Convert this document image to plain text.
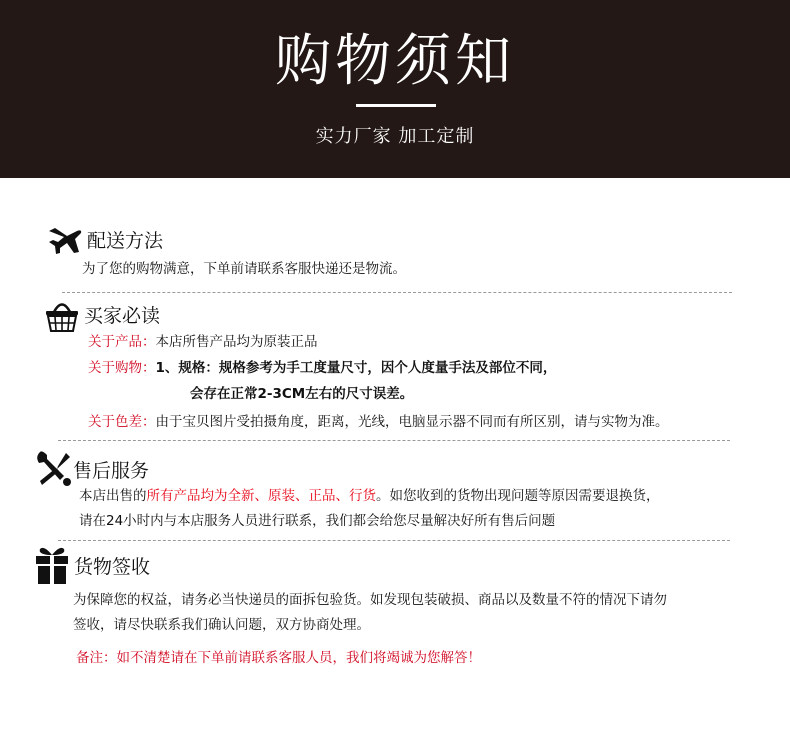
购物须知
实力厂家 加工定制
配送方法
为了您的购物满意，下单前请联系客服快递还是物流。
买家必读
关于产品：本店所售产品均为原装正品
关于购物：1、规格：规格参考为手工度量尺寸，因个人度量手法及部位不同，
会存在正常2-3CM左右的尺寸误差。
关于色差：由于宝贝图片受拍摄角度，距离，光线，电脑显示器不同而有所区别，请与实物为准。
售后服务
本店出售的所有产品均为全新、原装、正品、行货。如您收到的货物出现问题等原因需要退换货，
请在24小时内与本店服务人员进行联系，我们都会给您尽量解决好所有售后问题
货物签收
为保障您的权益，请务必当快递员的面拆包验货。如发现包装破损、商品以及数量不符的情况下请勿
签收，请尽快联系我们确认问题，双方协商处理。
备注：如不清楚请在下单前请联系客服人员，我们将竭诚为您解答！
